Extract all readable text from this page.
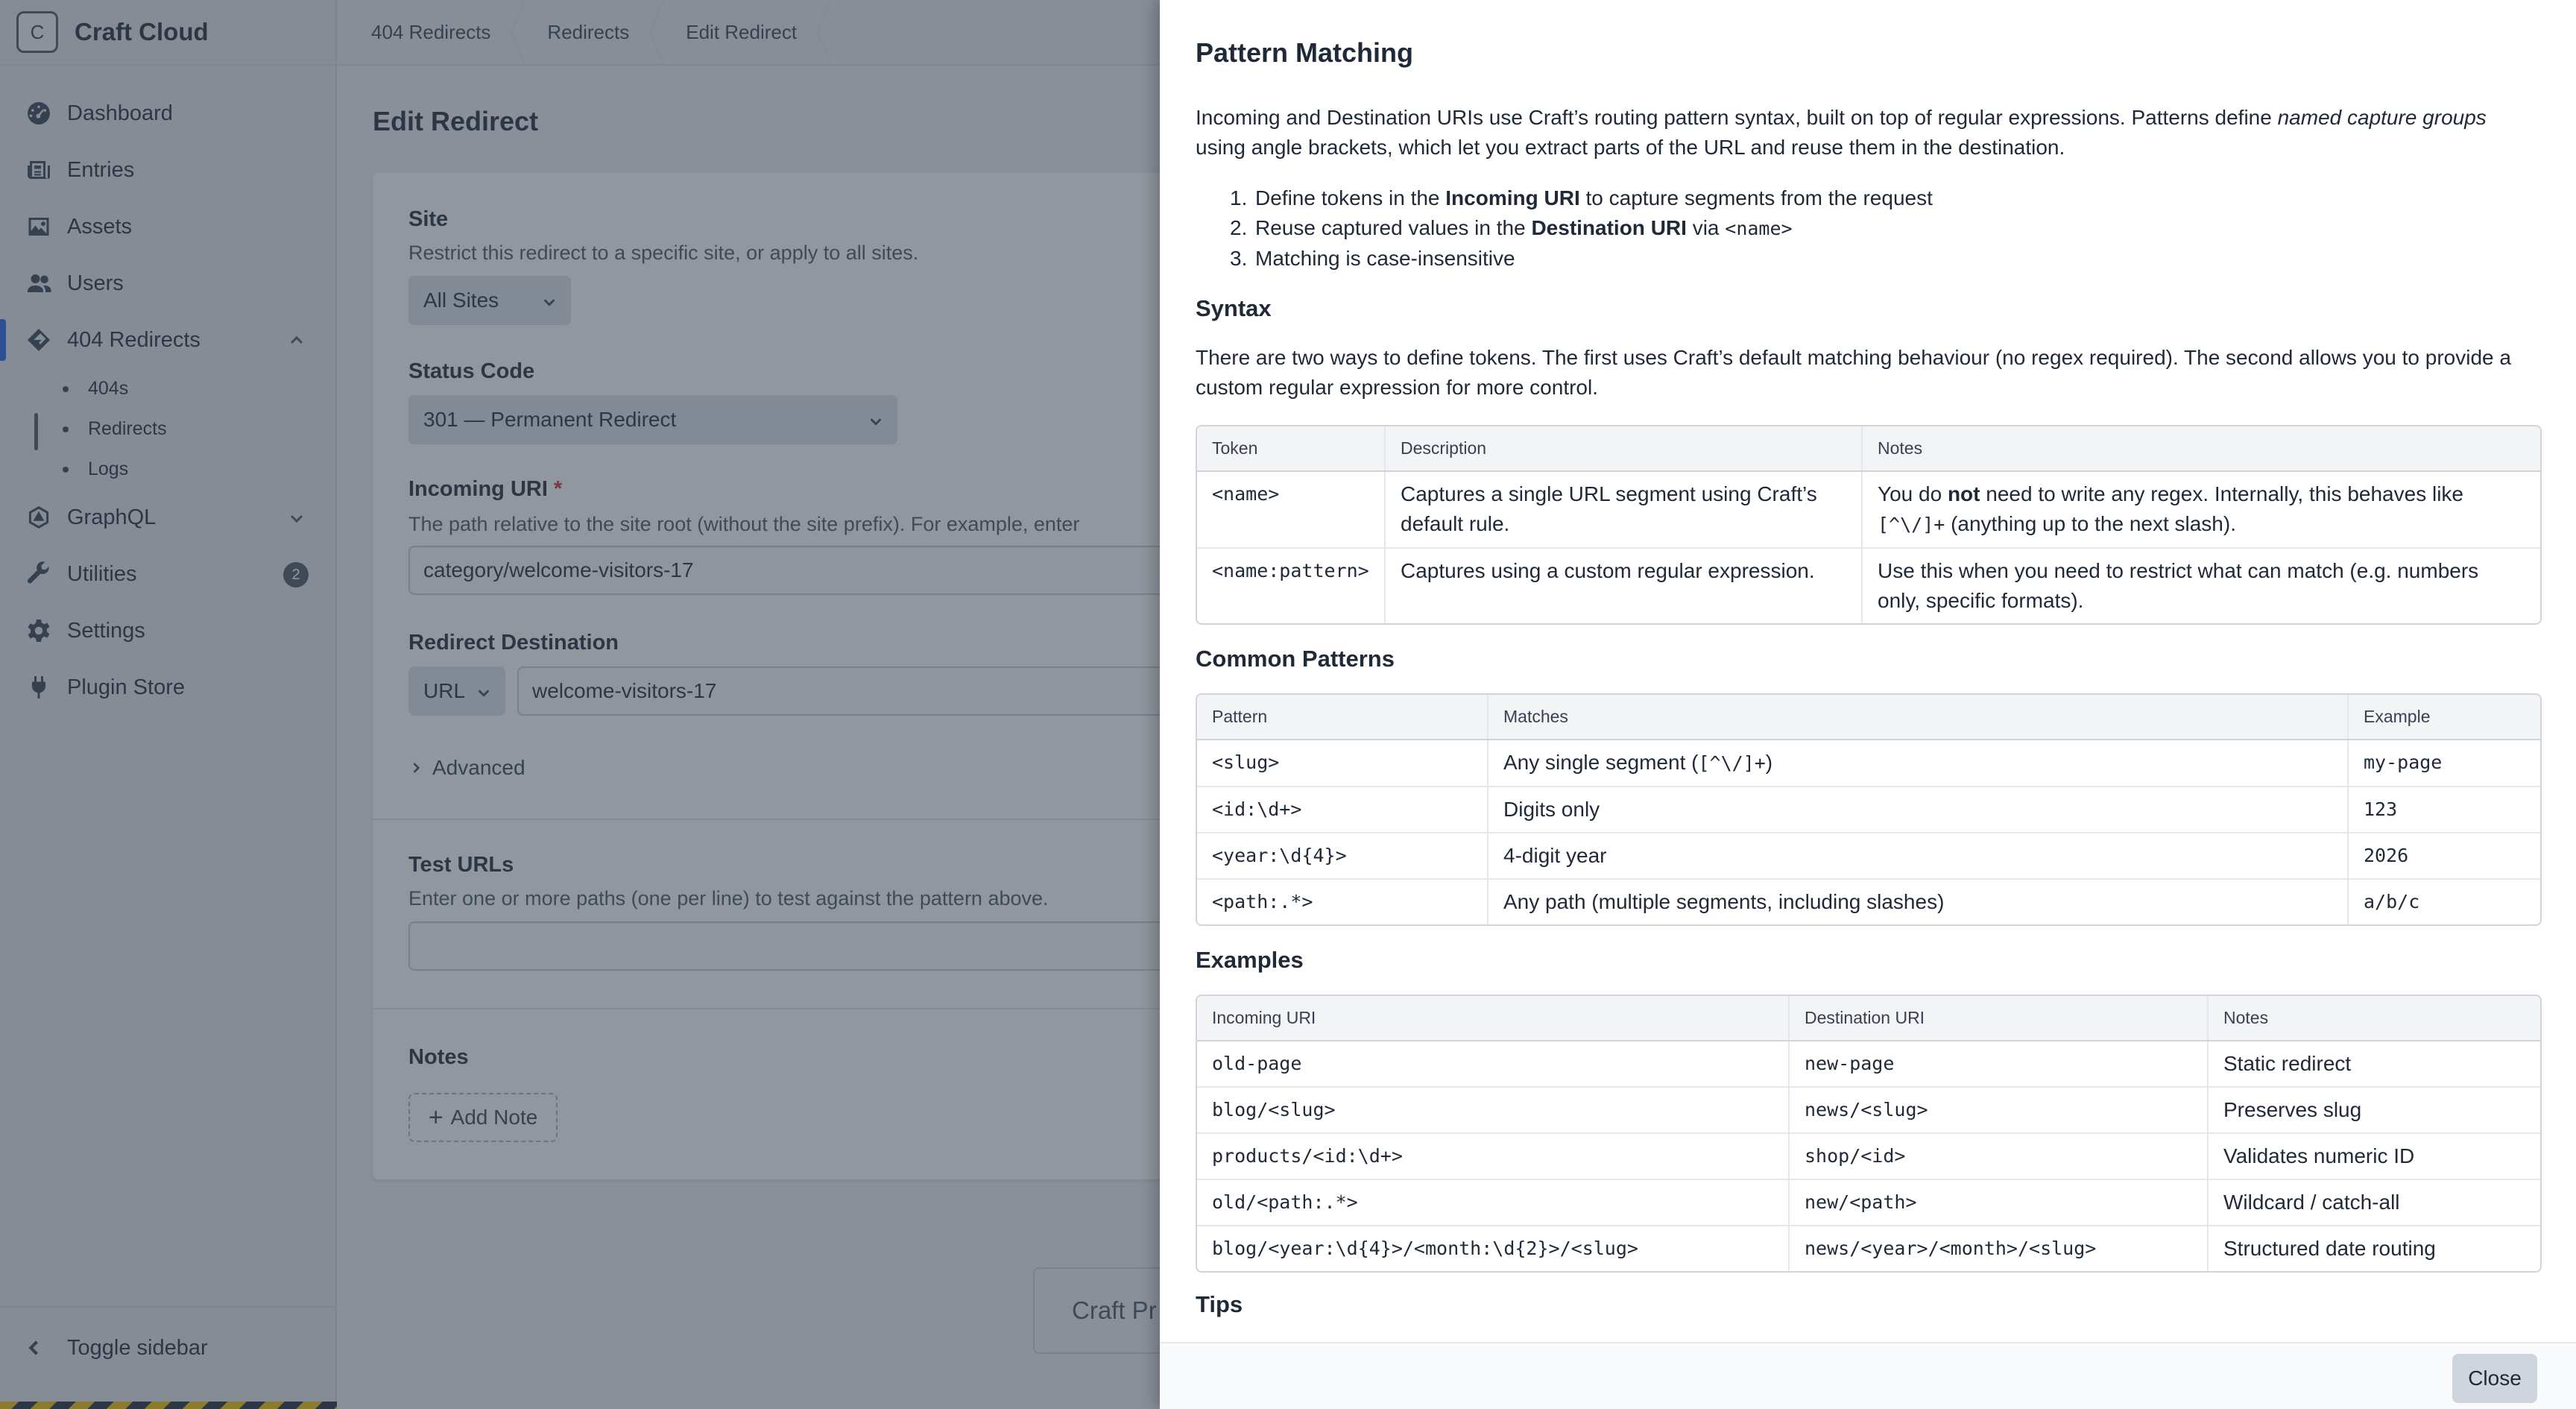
Pattern Matching
Incoming and Destination URIs use Craft’s routing pattern syntax, built on top of regular expressions. Patterns define named capture groups using angle brackets, which let you extract parts of the URL and reuse them in the destination.
1. Define tokens in the Incoming URI to capture segments from the request
2. Reuse captured values in the Destination URI via <name>
3. Matching is case-insensitive
Syntax
There are two ways to define tokens. The first uses Craft’s default matching behaviour (no regex required). The second allows you to provide a custom regular expression for more control.
Token	Description	Notes
<name>	Captures a single URL segment using Craft’s default rule.	You do not need to write any regex. Internally, this behaves like [^\/]+ (anything up to the next slash).
<name:pattern>	Captures using a custom regular expression.	Use this when you need to restrict what can match (e.g. numbers only, specific formats).
Common Patterns
Pattern	Matches	Example
<slug>	Any single segment ([^\/]+)	my-page
<id:\d+>	Digits only	123
<year:\d{4}>	4-digit year	2026
<path:.*>	Any path (multiple segments, including slashes)	a/b/c
Examples
Incoming URI	Destination URI	Notes
old-page	new-page	Static redirect
blog/<slug>	news/<slug>	Preserves slug
products/<id:\d+>	shop/<id>	Validates numeric ID
old/<path:.*>	new/<path>	Wildcard / catch-all
blog/<year:\d{4}>/<month:\d{2}>/<slug>	news/<year>/<month>/<slug>	Structured date routing
Tips
Close
